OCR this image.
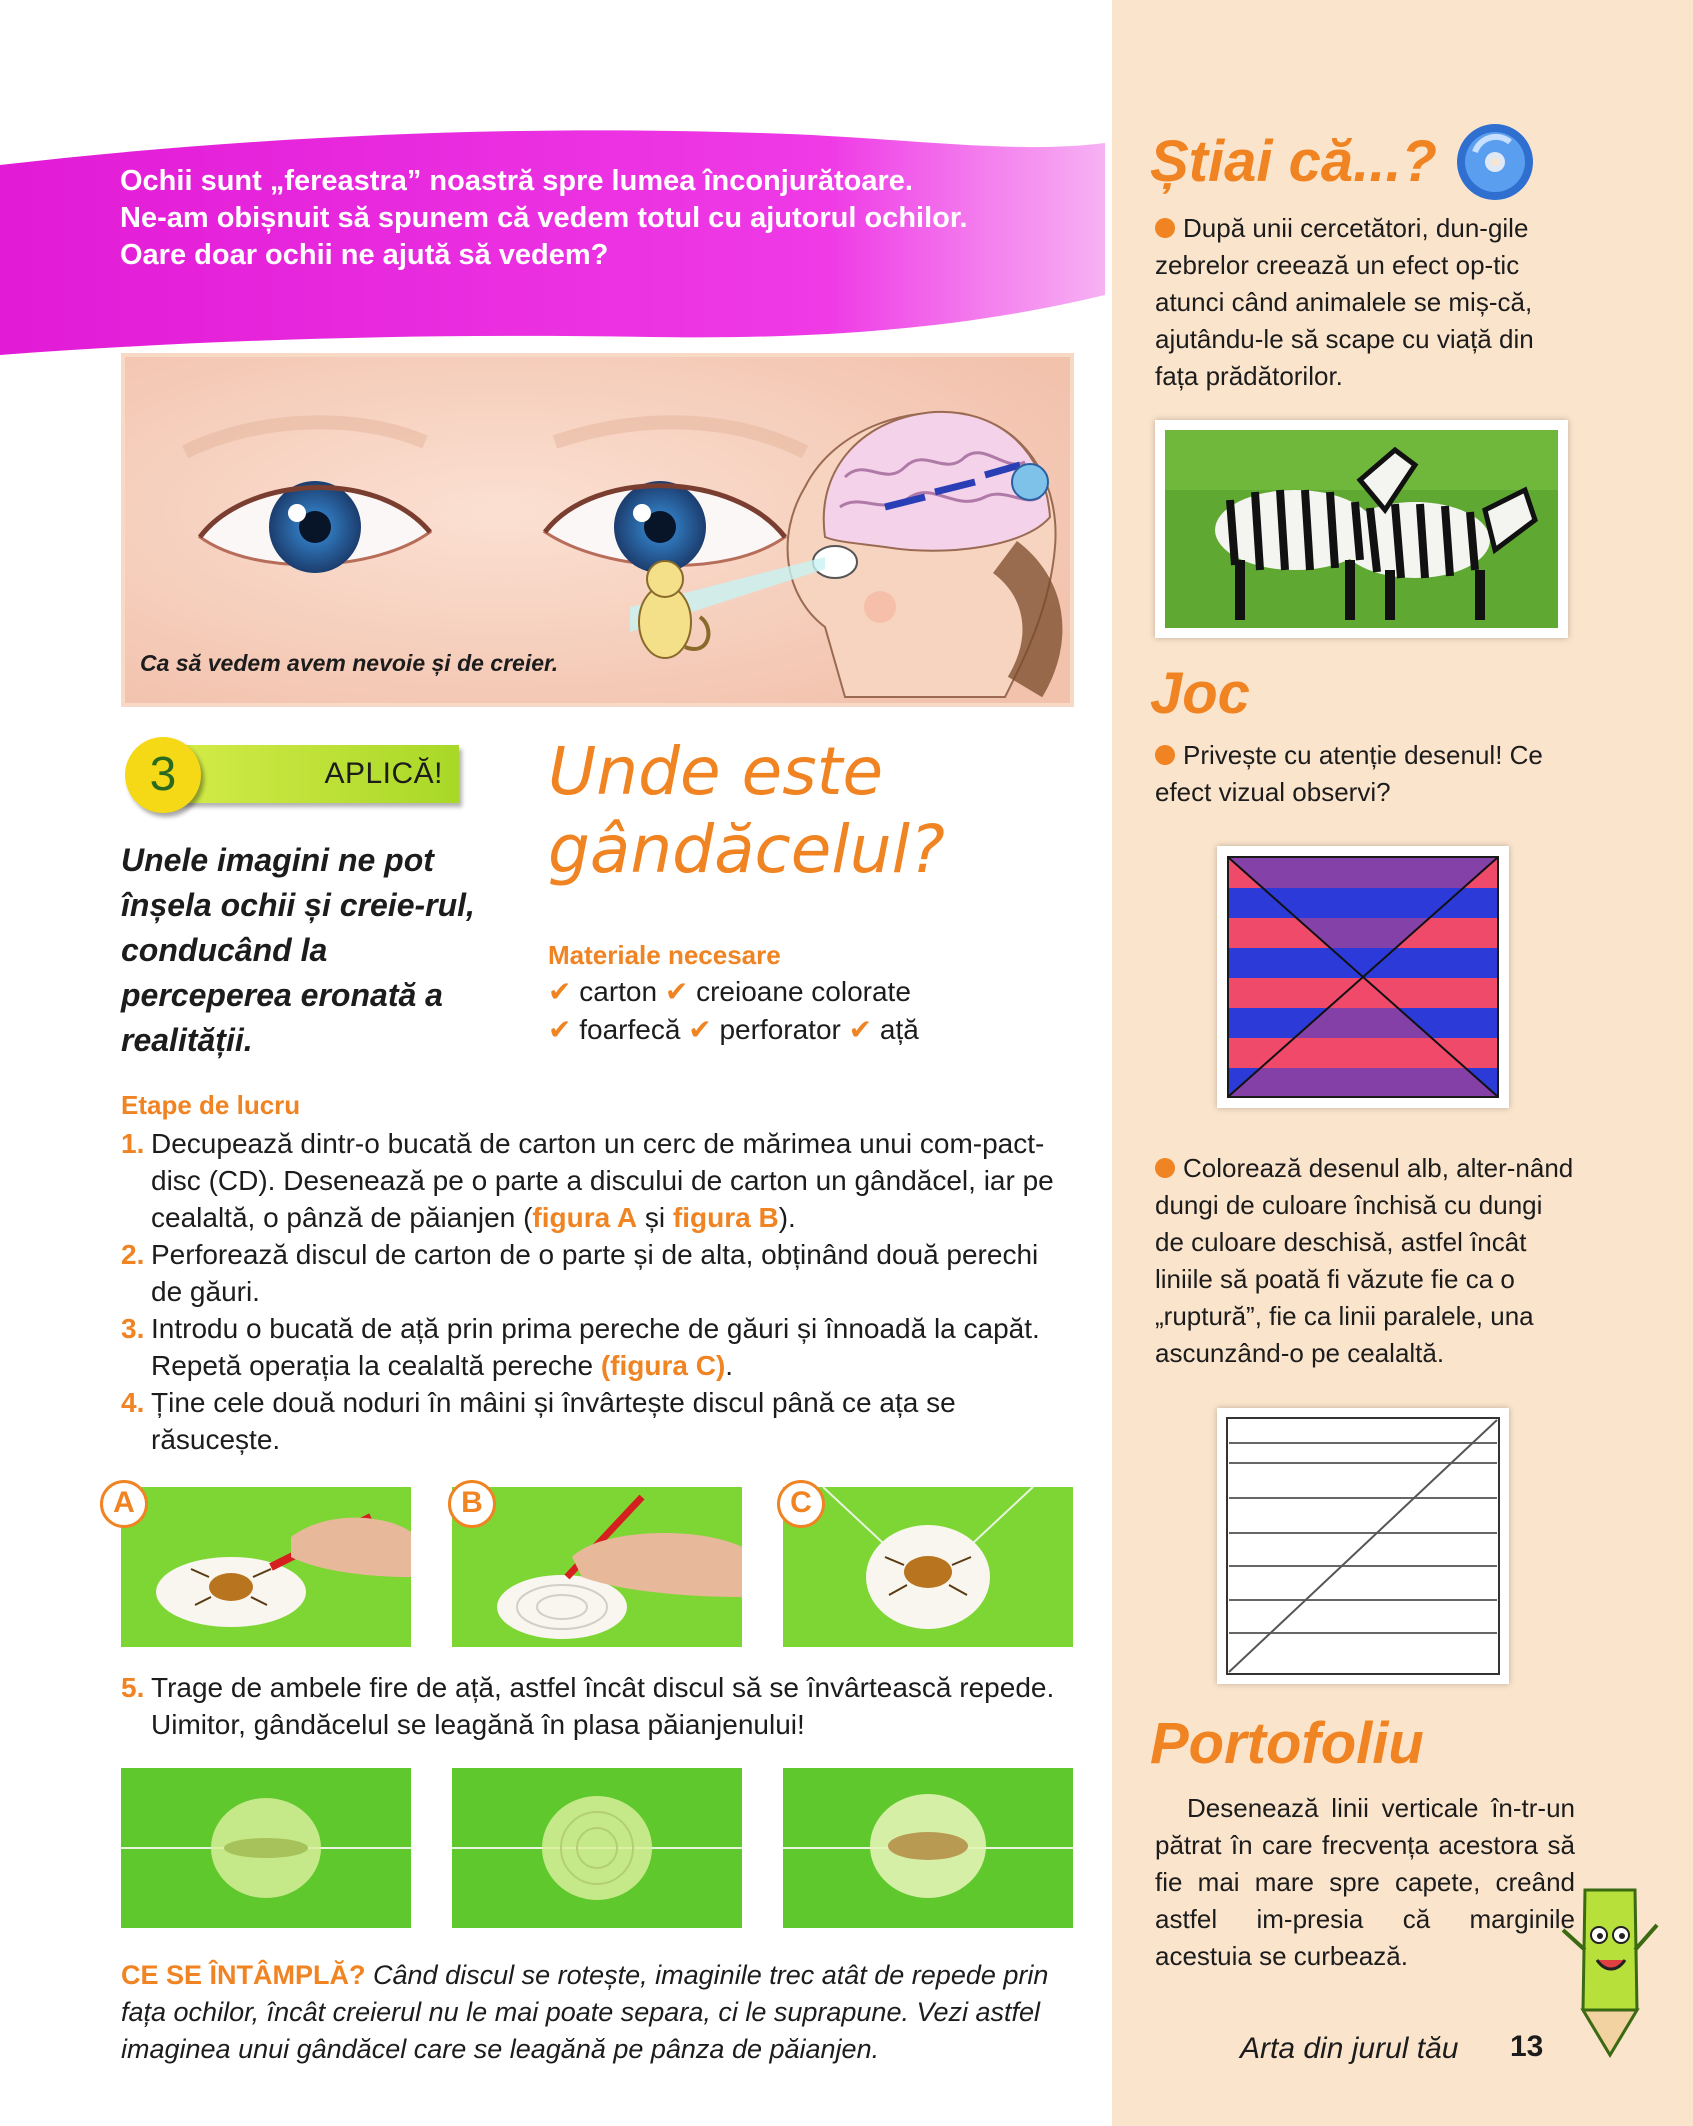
Ochii sunt „fereastra” noastră spre lumea înconjurătoare.
Ne-am obișnuit să spunem că vedem totul cu ajutorul ochilor.
Oare doar ochii ne ajută să vedem?
Ca să vedem avem nevoie și de creier.
APLICĂ!
3
Unele imagini ne pot înșela ochii și creie-rul, conducând la perceperea eronată a realității.
Unde este
gândăcelul?
Materiale necesare
✔ carton ✔ creioane colorate
✔ foarfecă ✔ perforator ✔ ață
Etape de lucru
1. Decupează dintr-o bucată de carton un cerc de mărimea unui com-pact-disc (CD). Desenează pe o parte a discului de carton un gândăcel, iar pe cealaltă, o pânză de păianjen (figura A și figura B).
2. Perforează discul de carton de o parte și de alta, obținând două perechi de găuri.
3. Introdu o bucată de ață prin prima pereche de găuri și înnoadă la capăt. Repetă operația la cealaltă pereche (figura C).
4. Ține cele două noduri în mâini și învârtește discul până ce ața se răsucește.
A	B	C
5. Trage de ambele fire de ață, astfel încât discul să se învârtească repede. Uimitor, gândăcelul se leagănă în plasa păianjenului!
CE SE ÎNTÂMPLĂ? Când discul se rotește, imaginile trec atât de repede prin fața ochilor, încât creierul nu le mai poate separa, ci le suprapune. Vezi astfel imaginea unui gândăcel care se leagănă pe pânza de păianjen.
Știai că...?
După unii cercetători, dun-gile zebrelor creează un efect op-tic atunci când animalele se miș-că, ajutându-le să scape cu viață din fața prădătorilor.
Joc
Privește cu atenție desenul! Ce efect vizual observi?
Colorează desenul alb, alter-nând dungi de culoare închisă cu dungi de culoare deschisă, astfel încât liniile să poată fi văzute fie ca o „ruptură”, fie ca linii paralele, una ascunzând-o pe cealaltă.
Portofoliu
Desenează linii verticale în-tr-un pătrat în care frecvența acestora să fie mai mare spre capete, creând astfel im-presia că marginile acestuia se curbează.
Arta din jurul tău 13
